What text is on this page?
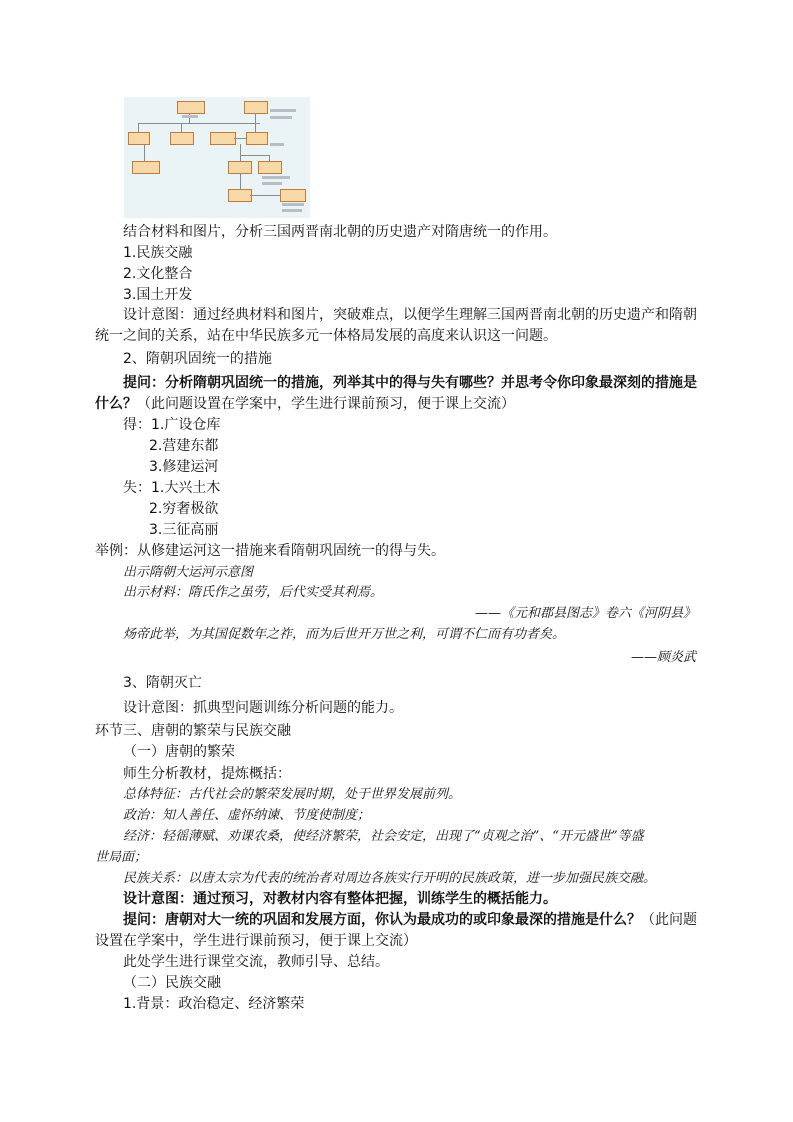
结合材料和图片，分析三国两晋南北朝的历史遗产对隋唐统一的作用。
1.民族交融
2.文化整合
3.国土开发
设计意图：通过经典材料和图片，突破难点，以便学生理解三国两晋南北朝的历史遗产和隋朝
统一之间的关系，站在中华民族多元一体格局发展的高度来认识这一问题。
2、隋朝巩固统一的措施
提问：分析隋朝巩固统一的措施，列举其中的得与失有哪些？并思考令你印象最深刻的措施是
什么？（此问题设置在学案中，学生进行课前预习，便于课上交流）
得：1.广设仓库
2.营建东都
3.修建运河
失：1.大兴土木
2.穷奢极欲
3.三征高丽
举例：从修建运河这一措施来看隋朝巩固统一的得与失。
出示隋朝大运河示意图
出示材料：隋氏作之虽劳，后代实受其利焉。
——《元和郡县图志》卷六《河阴县》
炀帝此举，为其国促数年之祚，而为后世开万世之利，可谓不仁而有功者矣。
——顾炎武
3、隋朝灭亡
设计意图：抓典型问题训练分析问题的能力。
环节三、唐朝的繁荣与民族交融
（一）唐朝的繁荣
师生分析教材，提炼概括：
总体特征：古代社会的繁荣发展时期，处于世界发展前列。
政治：知人善任、虚怀纳谏、节度使制度；
经济：轻徭薄赋、劝课农桑，使经济繁荣，社会安定，出现了“贞观之治”、“开元盛世”等盛
世局面；
民族关系：以唐太宗为代表的统治者对周边各族实行开明的民族政策，进一步加强民族交融。
设计意图：通过预习，对教材内容有整体把握，训练学生的概括能力。
提问：唐朝对大一统的巩固和发展方面，你认为最成功的或印象最深的措施是什么？（此问题
设置在学案中，学生进行课前预习，便于课上交流）
此处学生进行课堂交流，教师引导、总结。
（二）民族交融
1.背景：政治稳定、经济繁荣
